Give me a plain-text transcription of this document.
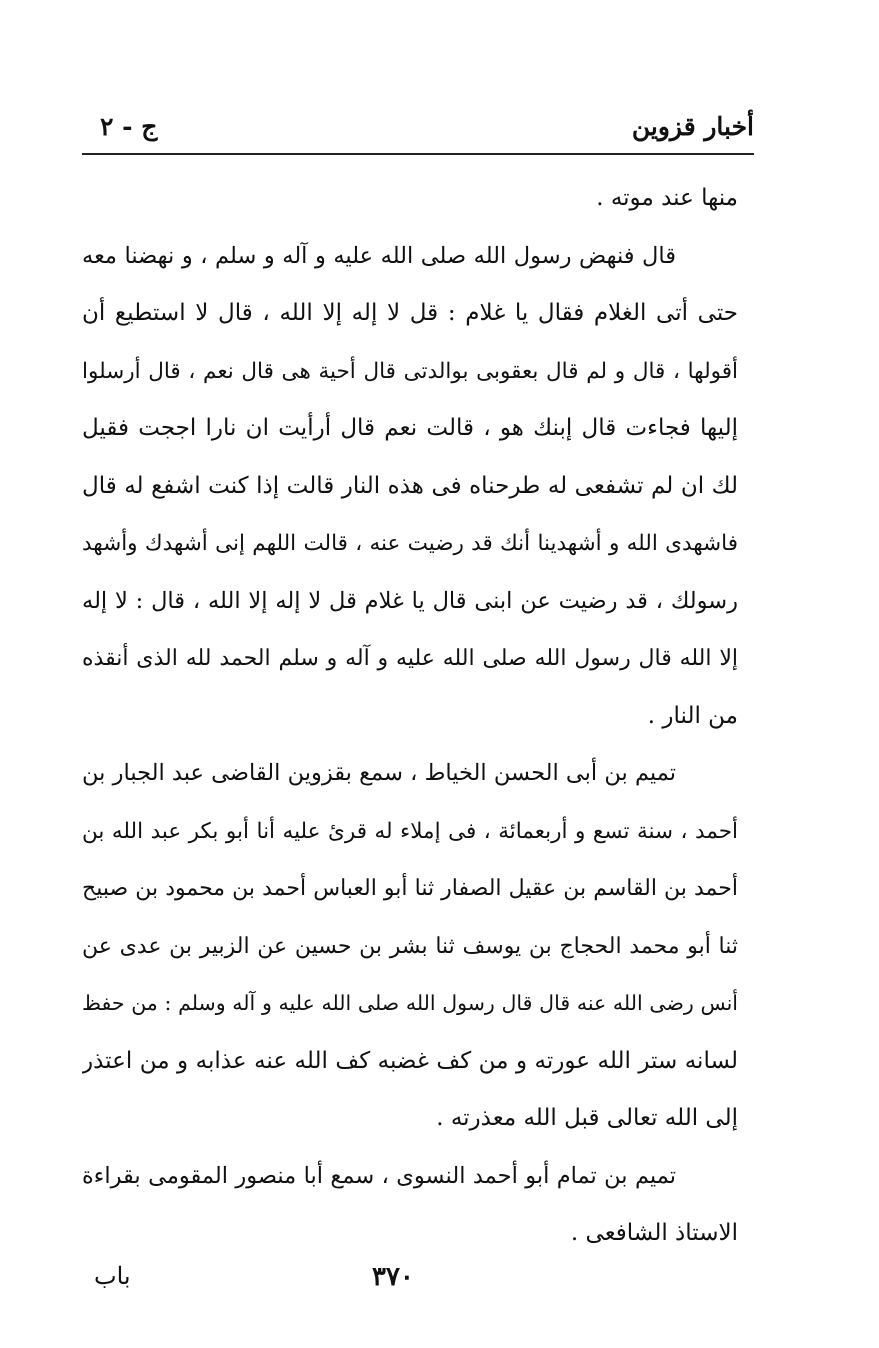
أخبار قزوين
ج - ٢
منها عند موته .
قال فنهض رسول الله صلى الله عليه و آله و سلم ، و نهضنا معه
حتى أتى الغلام فقال يا غلام : قل لا إله إلا الله ، قال لا استطيع أن
أقولها ، قال و لم قال بعقوبى بوالدتى قال أحية هى قال نعم ، قال أرسلوا
إليها فجاءت قال إبنك هو ، قالت نعم قال أرأيت ان نارا اججت فقيل
لك ان لم تشفعى له طرحناه فى هذه النار قالت إذا كنت اشفع له قال
فاشهدى الله و أشهدينا أنك قد رضيت عنه ، قالت اللهم إنى أشهدك وأشهد
رسولك ، قد رضيت عن ابنى قال يا غلام قل لا إله إلا الله ، قال : لا إله
إلا الله قال رسول الله صلى الله عليه و آله و سلم الحمد لله الذى أنقذه
من النار .
تميم بن أبى الحسن الخياط ، سمع بقزوين القاضى عبد الجبار بن
أحمد ، سنة تسع و أربعمائة ، فى إملاء له قرئ عليه أنا أبو بكر عبد الله بن
أحمد بن القاسم بن عقيل الصفار ثنا أبو العباس أحمد بن محمود بن صبيح
ثنا أبو محمد الحجاج بن يوسف ثنا بشر بن حسين عن الزبير بن عدى عن
أنس رضى الله عنه قال قال رسول الله صلى الله عليه و آله وسلم : من حفظ
لسانه ستر الله عورته و من كف غضبه كف الله عنه عذابه و من اعتذر
إلى الله تعالى قبل الله معذرته .
تميم بن تمام أبو أحمد النسوى ، سمع أبا منصور المقومى بقراءة
الاستاذ الشافعى .
٣٧٠
باب
